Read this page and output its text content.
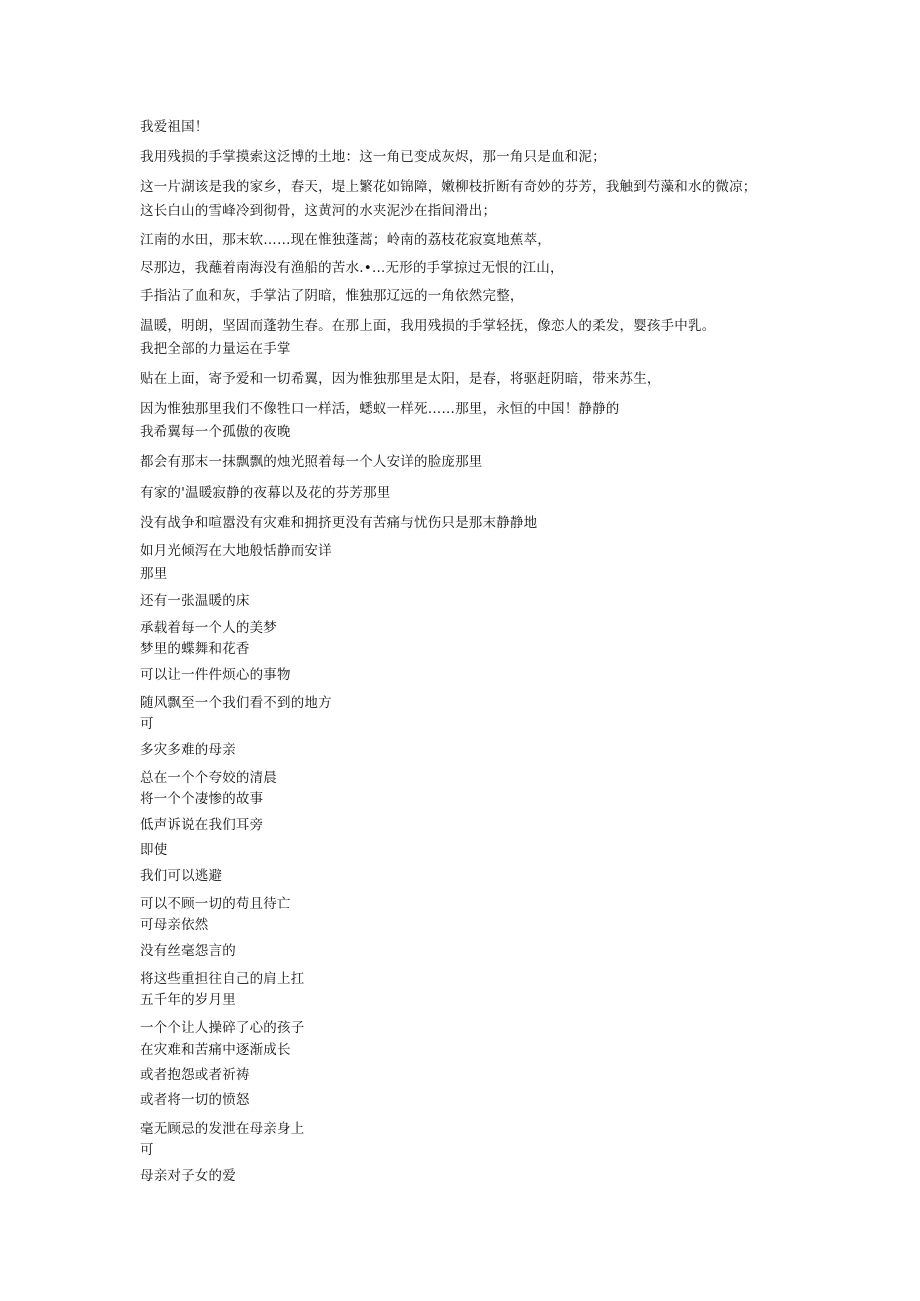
我爱祖国！
我用残损的手掌摸索这泛博的土地：这一角已变成灰烬，那一角只是血和泥；
这一片湖该是我的家乡，春天，堤上繁花如锦障，嫩柳枝折断有奇妙的芬芳，我触到芍藻和水的微凉；
这长白山的雪峰冷到彻骨，这黄河的水夹泥沙在指间滑出；
江南的水田，那末软……现在惟独蓬蒿；岭南的荔枝花寂寞地蕉萃，
尽那边，我蘸着南海没有渔船的苦水.•…无形的手掌掠过无恨的江山，
手指沾了血和灰，手掌沾了阴暗，惟独那辽远的一角依然完整，
温暖，明朗，坚固而蓬勃生春。在那上面，我用残损的手掌轻抚，像恋人的柔发，婴孩手中乳。
我把全部的力量运在手掌
贴在上面，寄予爱和一切希翼，因为惟独那里是太阳，是春，将驱赶阴暗，带来苏生，
因为惟独那里我们不像牲口一样活，蟋蚁一样死……那里，永恒的中国！静静的
我希翼每一个孤傲的夜晚
都会有那末一抹飘飘的烛光照着每一个人安详的脸庞那里
有家的'温暖寂静的夜幕以及花的芬芳那里
没有战争和喧嚣没有灾难和拥挤更没有苦痛与忧伤只是那末静静地
如月光倾泻在大地般恬静而安详
那里
还有一张温暖的床
承载着每一个人的美梦
梦里的蝶舞和花香
可以让一件件烦心的事物
随风飘至一个我们看不到的地方
可
多灾多难的母亲
总在一个个夸姣的清晨
将一个个凄惨的故事
低声诉说在我们耳旁
即使
我们可以逃避
可以不顾一切的苟且待亡
可母亲依然
没有丝毫怨言的
将这些重担往自己的肩上扛
五千年的岁月里
一个个让人操碎了心的孩子
在灾难和苦痛中逐渐成长
或者抱怨或者祈祷
或者将一切的愤怒
毫无顾忌的发泄在母亲身上
可
母亲对子女的爱
